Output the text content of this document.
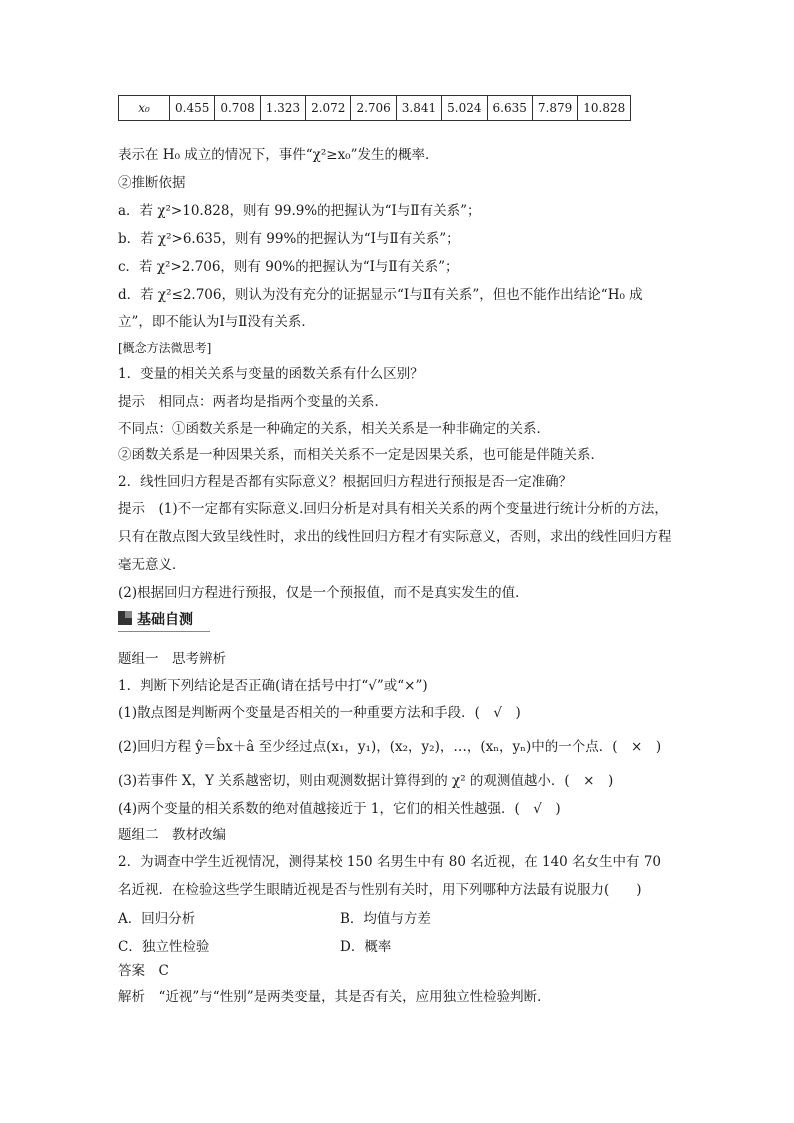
x₀	0.455	0.708	1.323	2.072	2.706	3.841	5.024	6.635	7.879	10.828
表示在 H₀ 成立的情况下，事件“χ²≥x₀”发生的概率．
②推断依据
a．若 χ²>10.828，则有 99.9%的把握认为“Ⅰ与Ⅱ有关系”；
b．若 χ²>6.635，则有 99%的把握认为“Ⅰ与Ⅱ有关系”；
c．若 χ²>2.706，则有 90%的把握认为“Ⅰ与Ⅱ有关系”；
d．若 χ²≤2.706，则认为没有充分的证据显示“Ⅰ与Ⅱ有关系”，但也不能作出结论“H₀ 成
立”，即不能认为Ⅰ与Ⅱ没有关系．
[概念方法微思考]
1．变量的相关关系与变量的函数关系有什么区别？
提示　相同点：两者均是指两个变量的关系．
不同点：①函数关系是一种确定的关系，相关关系是一种非确定的关系．
②函数关系是一种因果关系，而相关关系不一定是因果关系，也可能是伴随关系．
2．线性回归方程是否都有实际意义？根据回归方程进行预报是否一定准确？
提示　(1)不一定都有实际意义.回归分析是对具有相关关系的两个变量进行统计分析的方法，只有在散点图大致呈线性时，求出的线性回归方程才有实际意义，否则，求出的线性回归方程毫无意义．
(2)根据回归方程进行预报，仅是一个预报值，而不是真实发生的值．
基础自测
题组一　思考辨析
1．判断下列结论是否正确(请在括号中打“√”或“×”)
(1)散点图是判断两个变量是否相关的一种重要方法和手段．(　√　)
(2)回归方程 ŷ＝b̂x＋â 至少经过点(x₁，y₁)，(x₂，y₂)，…，(xₙ，yₙ)中的一个点．(　×　)
(3)若事件 X，Y 关系越密切，则由观测数据计算得到的 χ² 的观测值越小．(　×　)
(4)两个变量的相关系数的绝对值越接近于 1，它们的相关性越强．(　√　)
题组二　教材改编
2．为调查中学生近视情况，测得某校 150 名男生中有 80 名近视，在 140 名女生中有 70 名近视．在检验这些学生眼睛近视是否与性别有关时，用下列哪种方法最有说服力(　　)
A．回归分析	B．均值与方差
C．独立性检验	D．概率
答案　C
解析　“近视”与“性别”是两类变量，其是否有关，应用独立性检验判断．
